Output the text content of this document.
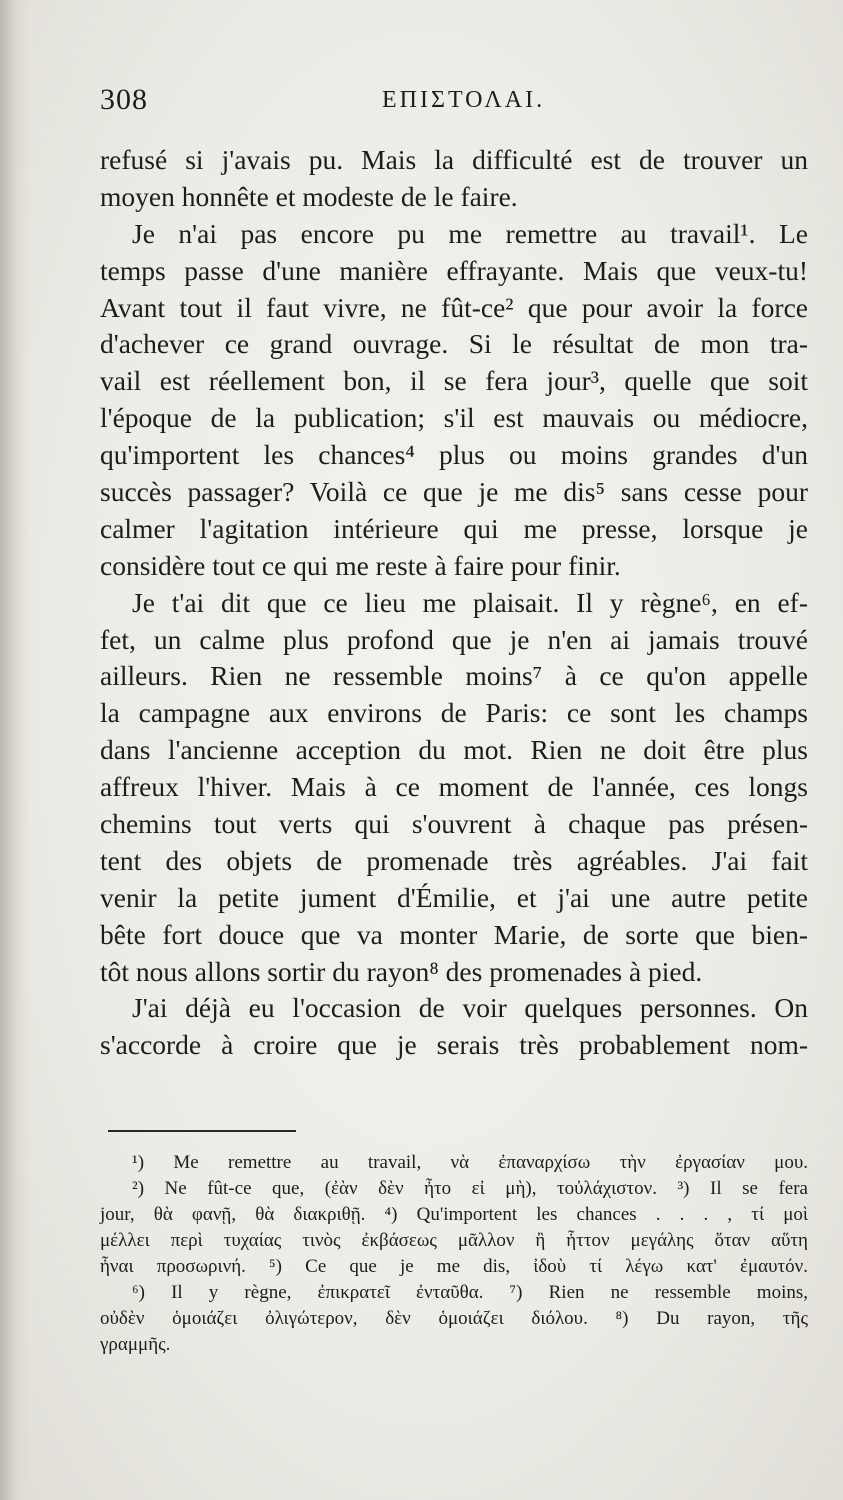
308	ΕΠΙΣΤΟΛΑΙ.
refusé si j'avais pu. Mais la difficulté est de trouver un
moyen honnête et modeste de le faire.
Je n'ai pas encore pu me remettre au travail¹. Le
temps passe d'une manière effrayante. Mais que veux-tu!
Avant tout il faut vivre, ne fût-ce² que pour avoir la force
d'achever ce grand ouvrage. Si le résultat de mon tra-
vail est réellement bon, il se fera jour³, quelle que soit
l'époque de la publication; s'il est mauvais ou médiocre,
qu'importent les chances⁴ plus ou moins grandes d'un
succès passager? Voilà ce que je me dis⁵ sans cesse pour
calmer l'agitation intérieure qui me presse, lorsque je
considère tout ce qui me reste à faire pour finir.
Je t'ai dit que ce lieu me plaisait. Il y règne⁶, en ef-
fet, un calme plus profond que je n'en ai jamais trouvé
ailleurs. Rien ne ressemble moins⁷ à ce qu'on appelle
la campagne aux environs de Paris: ce sont les champs
dans l'ancienne acception du mot. Rien ne doit être plus
affreux l'hiver. Mais à ce moment de l'année, ces longs
chemins tout verts qui s'ouvrent à chaque pas présen-
tent des objets de promenade très agréables. J'ai fait
venir la petite jument d'Émilie, et j'ai une autre petite
bête fort douce que va monter Marie, de sorte que bien-
tôt nous allons sortir du rayon⁸ des promenades à pied.
J'ai déjà eu l'occasion de voir quelques personnes. On
s'accorde à croire que je serais très probablement nom-
¹) Me remettre au travail, νὰ ἐπαναρχίσω τὴν ἐργασίαν μου.
²) Ne fût-ce que, (ἐὰν δὲν ἦτο εἰ μὴ), τοὐλάχιστον. ³) Il se fera
jour, θὰ φανῇ, θὰ διακριθῇ. ⁴) Qu'importent les chances . . . , τί μοὶ
μέλλει περὶ τυχαίας τινὸς ἐκβάσεως μᾶλλον ἢ ἧττον μεγάλης ὅταν αὕτη
ἦναι προσωρινή. ⁵) Ce que je me dis, ἰδοὺ τί λέγω κατ' ἐμαυτόν.
⁶) Il y règne, ἐπικρατεῖ ἐνταῦθα. ⁷) Rien ne ressemble moins,
οὐδὲν ὁμοιάζει ὀλιγώτερον, δὲν ὁμοιάζει διόλου. ⁸) Du rayon, τῆς
γραμμῆς.
